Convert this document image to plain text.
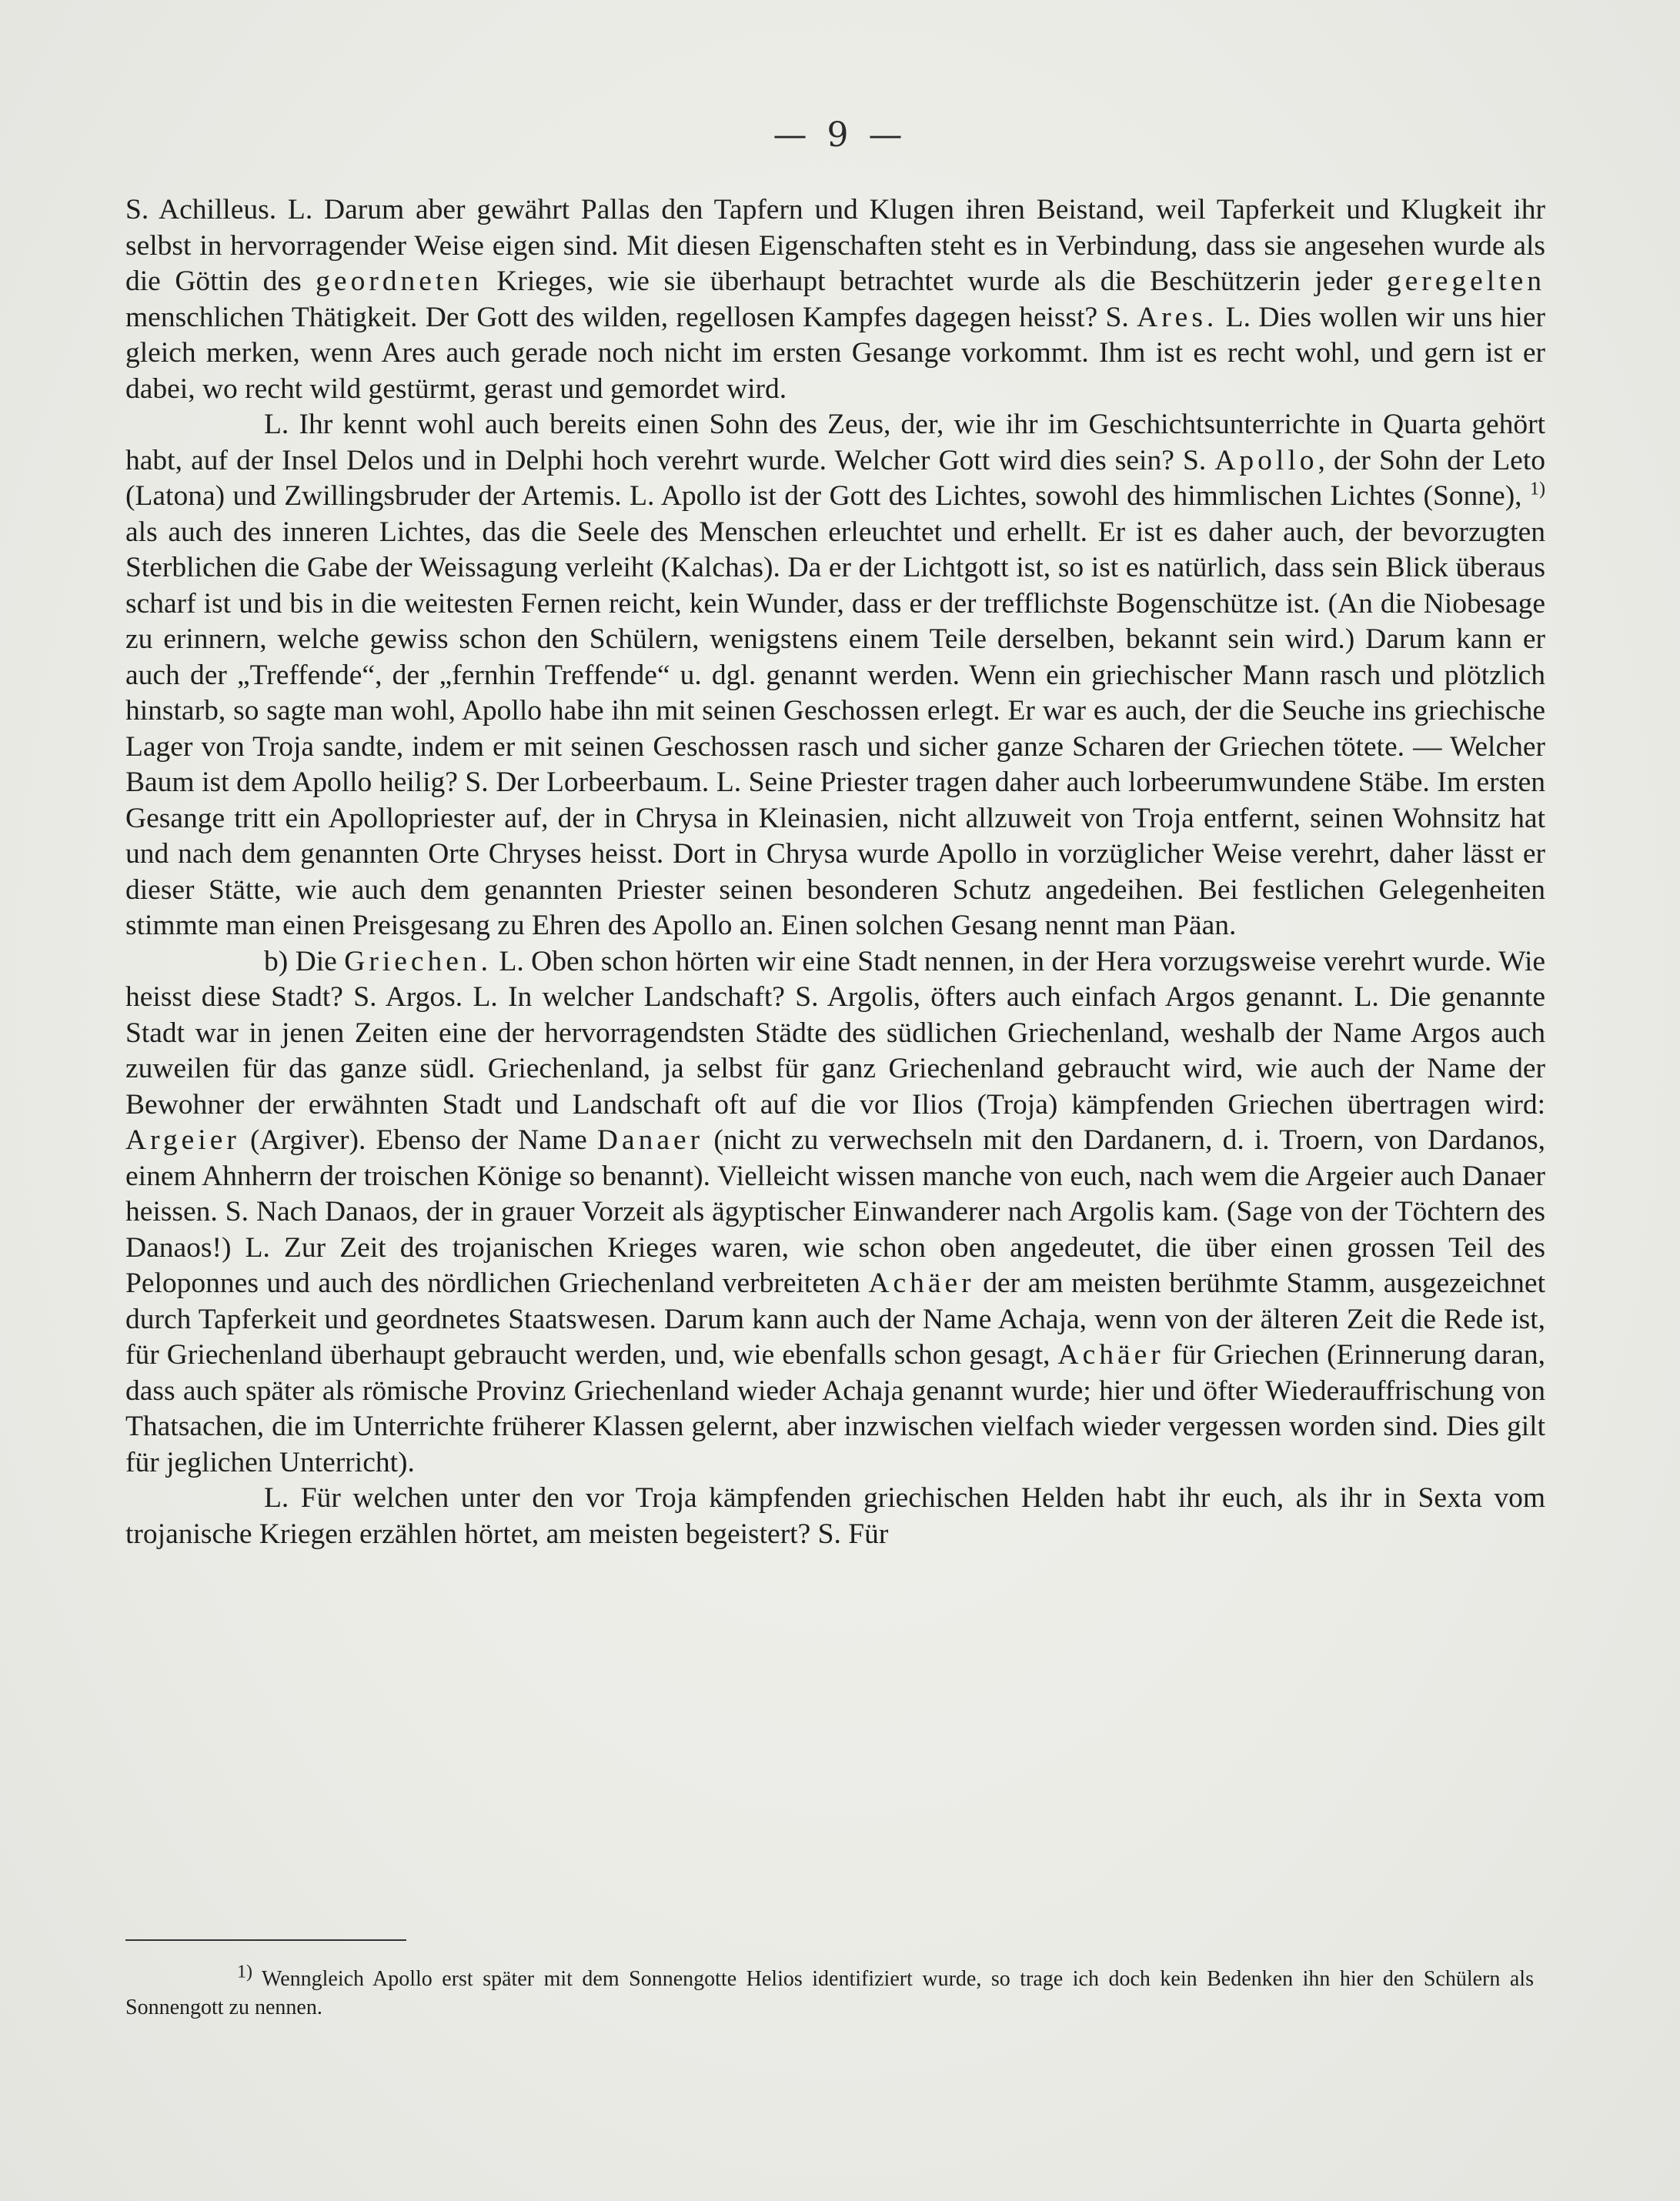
— 9 —

S. Achilleus. L. Darum aber gewährt Pallas den Tapfern und Klugen ihren Beistand, weil Tapferkeit und Klugkeit ihr selbst in hervorragender Weise eigen sind. Mit diesen Eigenschaften steht es in Verbindung, dass sie angesehen wurde als die Göttin des geordneten Krieges, wie sie überhaupt betrachtet wurde als die Beschützerin jeder geregelten menschlichen Thätigkeit. Der Gott des wilden, regellosen Kampfes dagegen heisst? S. Ares. L. Dies wollen wir uns hier gleich merken, wenn Ares auch gerade noch nicht im ersten Gesange vorkommt. Ihm ist es recht wohl, und gern ist er dabei, wo recht wild gestürmt, gerast und gemordet wird.

L. Ihr kennt wohl auch bereits einen Sohn des Zeus, der, wie ihr im Geschichtsunterrichte in Quarta gehört habt, auf der Insel Delos und in Delphi hoch verehrt wurde. Welcher Gott wird dies sein? S. Apollo, der Sohn der Leto (Latona) und Zwillingsbruder der Artemis. L. Apollo ist der Gott des Lichtes, sowohl des himmlischen Lichtes (Sonne), $^{1)}$ als auch des inneren Lichtes, das die Seele des Menschen erleuchtet und erhellt. Er ist es daher auch, der bevorzugten Sterblichen die Gabe der Weissagung verleiht (Kalchas). Da er der Lichtgott ist, so ist es natürlich, dass sein Blick überaus scharf ist und bis in die weitesten Fernen reicht, kein Wunder, dass er der trefflichste Bogenschütze ist. (An die Niobesage zu erinnern, welche gewiss schon den Schülern, wenigstens einem Teile derselben, bekannt sein wird.) Darum kann er auch der „Treffende“, der „fernhin Treffende“ u. dgl. genannt werden. Wenn ein griechischer Mann rasch und plötzlich hinstarb, so sagte man wohl, Apollo habe ihn mit seinen Geschossen erlegt. Er war es auch, der die Seuche ins griechische Lager von Troja sandte, indem er mit seinen Geschossen rasch und sicher ganze Scharen der Griechen tötete. — Welcher Baum ist dem Apollo heilig? S. Der Lorbeerbaum. L. Seine Priester tragen daher auch lorbeerumwundene Stäbe. Im ersten Gesange tritt ein Apollopriester auf, der in Chrysa in Kleinasien, nicht allzuweit von Troja entfernt, seinen Wohnsitz hat und nach dem genannten Orte Chryses heisst. Dort in Chrysa wurde Apollo in vorzüglicher Weise verehrt, daher lässt er dieser Stätte, wie auch dem genannten Priester seinen besonderen Schutz angedeihen. Bei festlichen Gelegenheiten stimmte man einen Preisgesang zu Ehren des Apollo an. Einen solchen Gesang nennt man Päan.

b) Die Griechen. L. Oben schon hörten wir eine Stadt nennen, in der Hera vorzugsweise verehrt wurde. Wie heisst diese Stadt? S. Argos. L. In welcher Landschaft? S. Argolis, öfters auch einfach Argos genannt. L. Die genannte Stadt war in jenen Zeiten eine der hervorragendsten Städte des südlichen Griechenland, weshalb der Name Argos auch zuweilen für das ganze südl. Griechenland, ja selbst für ganz Griechenland gebraucht wird, wie auch der Name der Bewohner der erwähnten Stadt und Landschaft oft auf die vor Ilios (Troja) kämpfenden Griechen übertragen wird: Argeier (Argiver). Ebenso der Name Danaer (nicht zu verwechseln mit den Dardanern, d. i. Troern, von Dardanos, einem Ahnherrn der troischen Könige so benannt). Vielleicht wissen manche von euch, nach wem die Argeier auch Danaer heissen. S. Nach Danaos, der in grauer Vorzeit als ägyptischer Einwanderer nach Argolis kam. (Sage von der Töchtern des Danaos!) L. Zur Zeit des trojanischen Krieges waren, wie schon oben angedeutet, die über einen grossen Teil des Peloponnes und auch des nördlichen Griechenland verbreiteten Achäer der am meisten berühmte Stamm, ausgezeichnet durch Tapferkeit und geordnetes Staatswesen. Darum kann auch der Name Achaja, wenn von der älteren Zeit die Rede ist, für Griechenland überhaupt gebraucht werden, und, wie ebenfalls schon gesagt, Achäer für Griechen (Erinnerung daran, dass auch später als römische Provinz Griechenland wieder Achaja genannt wurde; hier und öfter Wiederauffrischung von Thatsachen, die im Unterrichte früherer Klassen gelernt, aber inzwischen vielfach wieder vergessen worden sind. Dies gilt für jeglichen Unterricht).

L. Für welchen unter den vor Troja kämpfenden griechischen Helden habt ihr euch, als ihr in Sexta vom trojanische Kriegen erzählen hörtet, am meisten begeistert? S. Für

$^{1)}$ Wenngleich Apollo erst später mit dem Sonnengotte Helios identifiziert wurde, so trage ich doch kein Bedenken ihn hier den Schülern als Sonnengott zu nennen.
